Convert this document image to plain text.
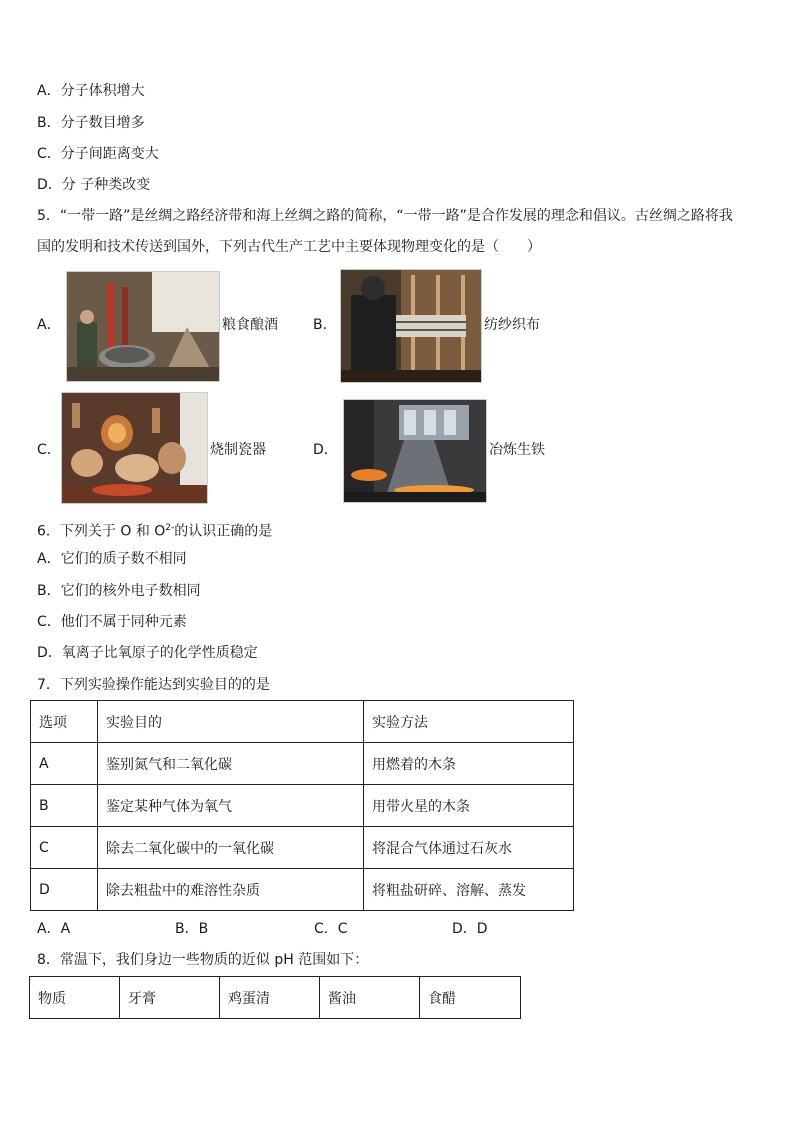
A．分子体积增大
B．分子数目增多
C．分子间距离变大
D．分 子种类改变
5．“一带一路”是丝绸之路经济带和海上丝绸之路的简称，“一带一路”是合作发展的理念和倡议。古丝绸之路将我
国的发明和技术传送到国外，下列古代生产工艺中主要体现物理变化的是（　　）
A．	粮食酿酒	B．	纺纱织布
C．	烧制瓷器	D．	冶炼生铁
6．下列关于 O 和 $O^{2-}$的认识正确的是
A．它们的质子数不相同
B．它们的核外电子数相同
C．他们不属于同种元素
D．氧离子比氧原子的化学性质稳定
7．下列实验操作能达到实验目的的是
选项	实验目的	实验方法
A	鉴别氮气和二氧化碳	用燃着的木条
B	鉴定某种气体为氧气	用带火星的木条
C	除去二氧化碳中的一氧化碳	将混合气体通过石灰水
D	除去粗盐中的难溶性杂质	将粗盐研碎、溶解、蒸发
A．A	B．B	C．C	D．D
8．常温下，我们身边一些物质的近似 pH 范围如下：
物质	牙膏	鸡蛋清	酱油	食醋
